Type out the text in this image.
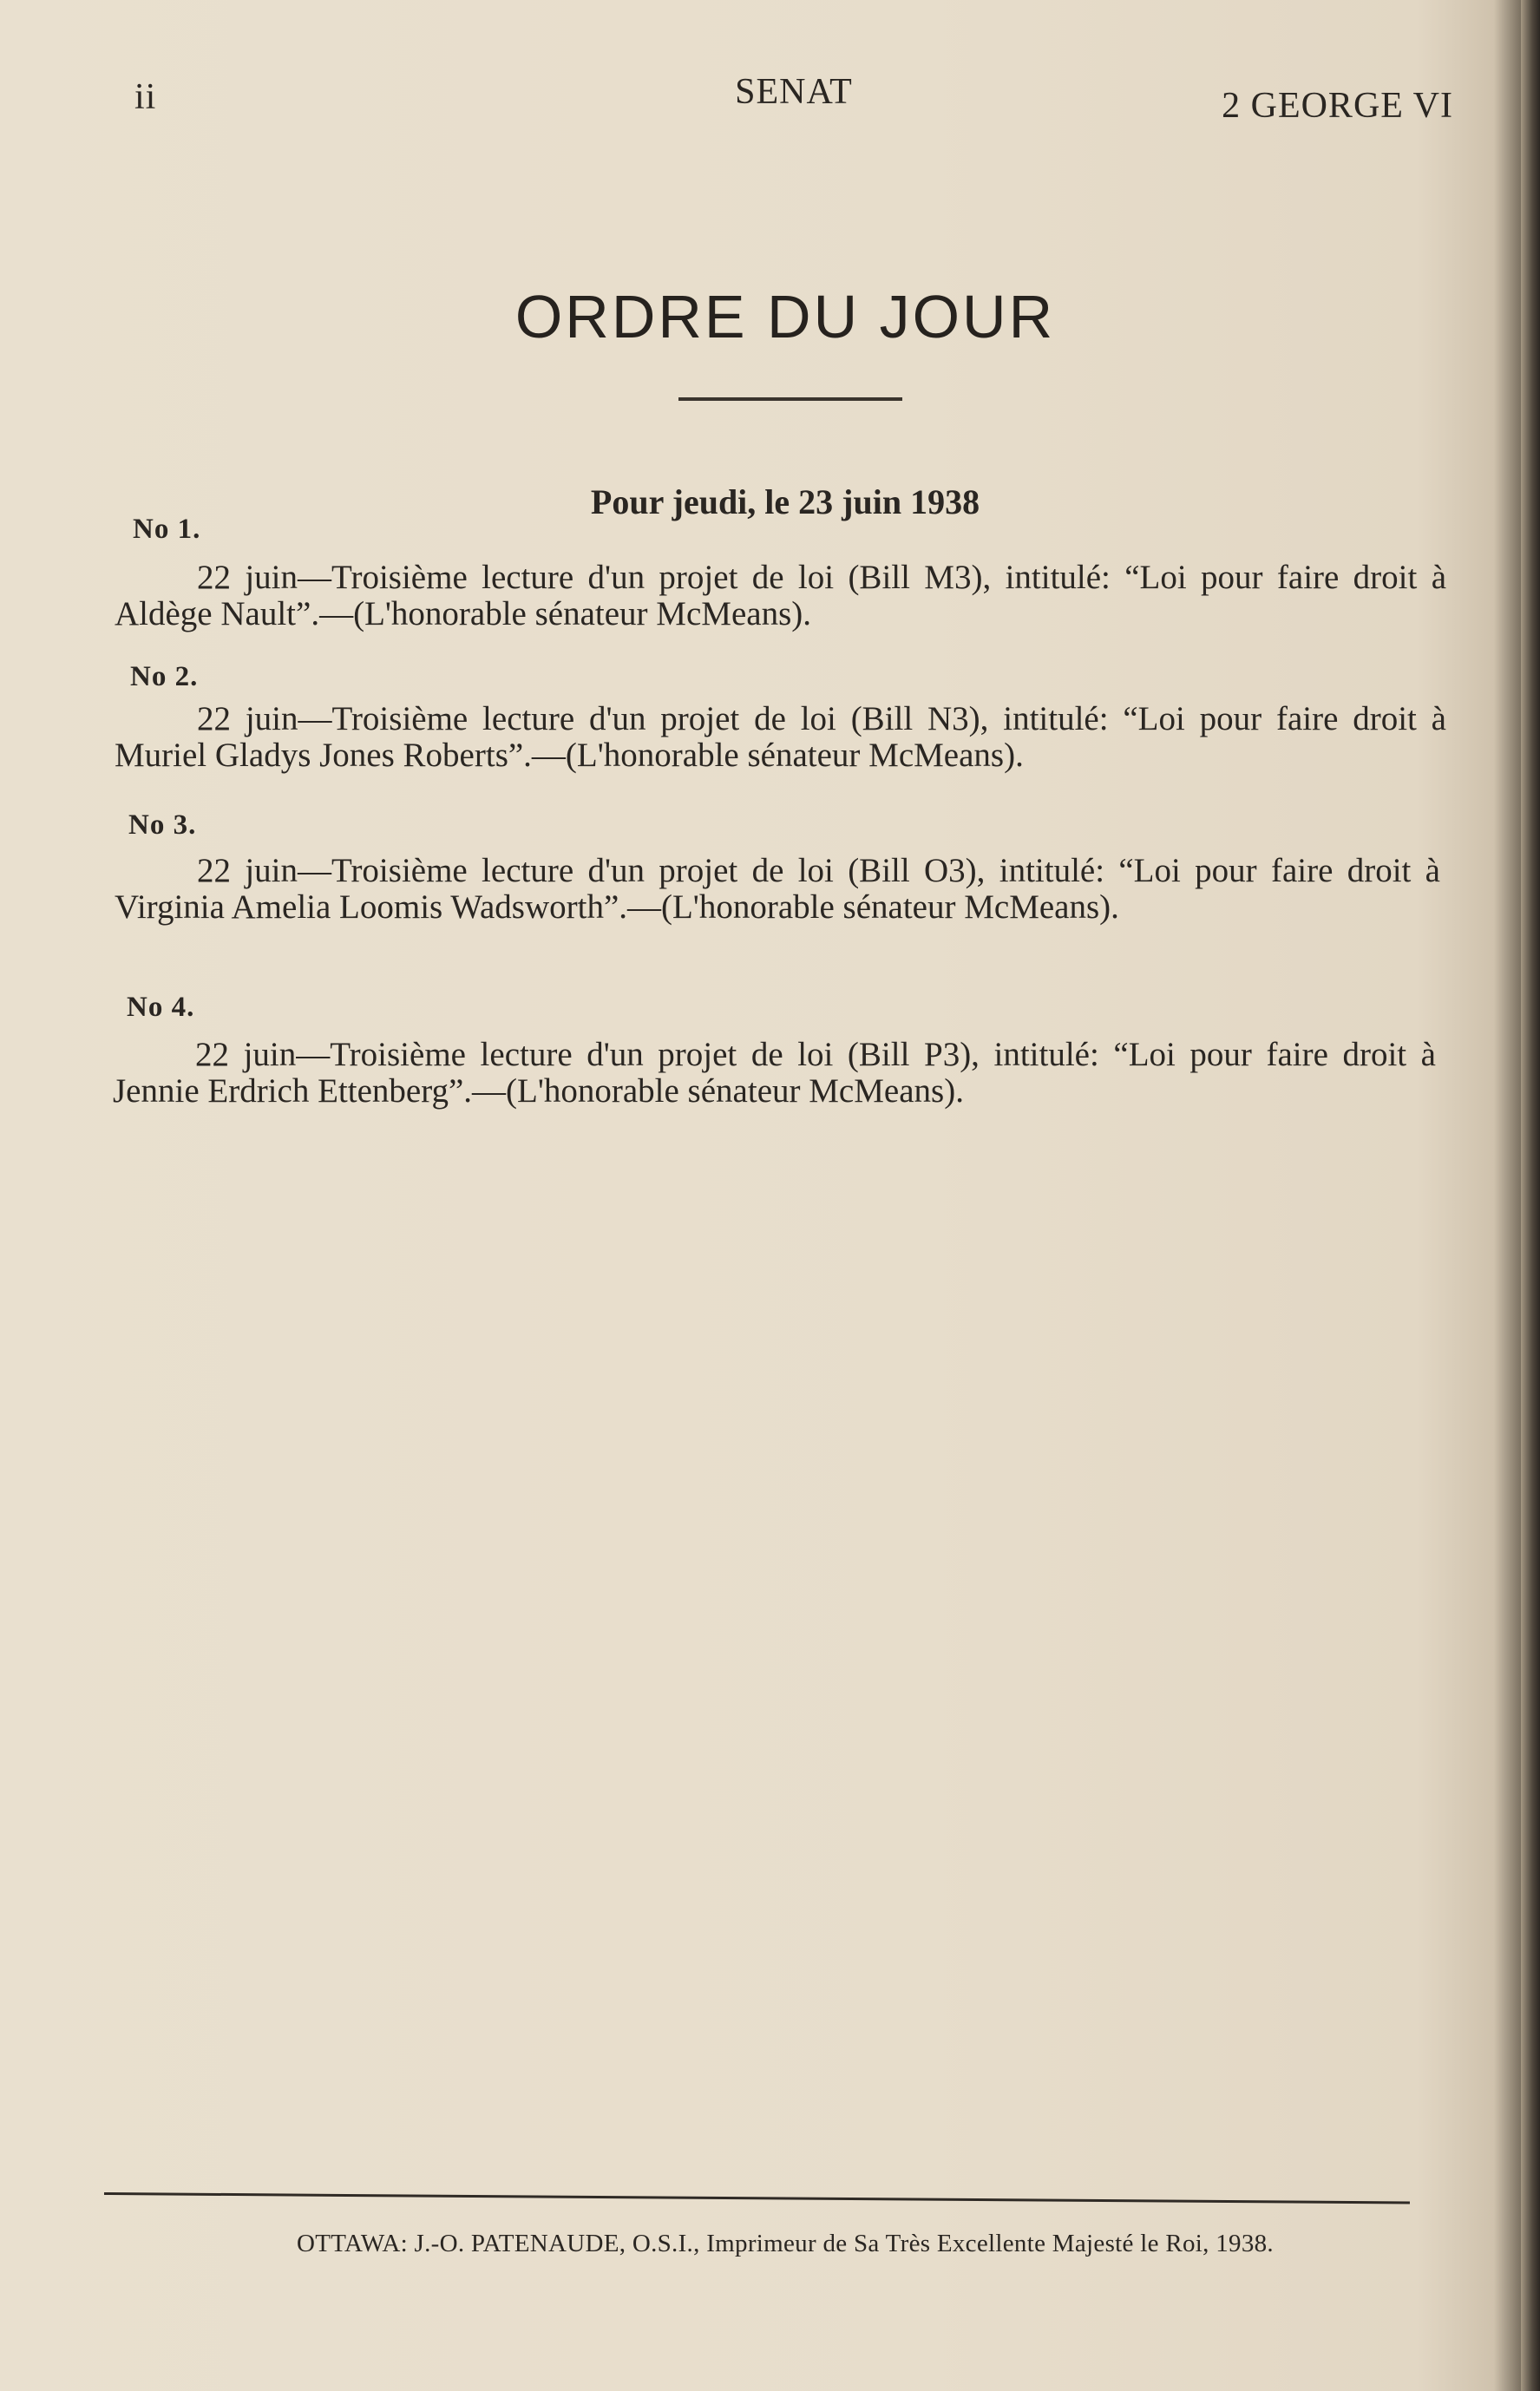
ii	SENAT	2 GEORGE VI
ORDRE DU JOUR
Pour jeudi, le 23 juin 1938
No 1.
22 juin—Troisième lecture d'un projet de loi (Bill M3), intitulé: “Loi pour faire droit à Aldège Nault”.—(L'honorable sénateur McMeans).
No 2.
22 juin—Troisième lecture d'un projet de loi (Bill N3), intitulé: “Loi pour faire droit à Muriel Gladys Jones Roberts”.—(L'honorable sénateur McMeans).
No 3.
22 juin—Troisième lecture d'un projet de loi (Bill O3), intitulé: “Loi pour faire droit à Virginia Amelia Loomis Wadsworth”.—(L'honorable sénateur McMeans).
No 4.
22 juin—Troisième lecture d'un projet de loi (Bill P3), intitulé: “Loi pour faire droit à Jennie Erdrich Ettenberg”.—(L'honorable sénateur McMeans).
OTTAWA: J.-O. PATENAUDE, O.S.I., Imprimeur de Sa Très Excellente Majesté le Roi, 1938.
